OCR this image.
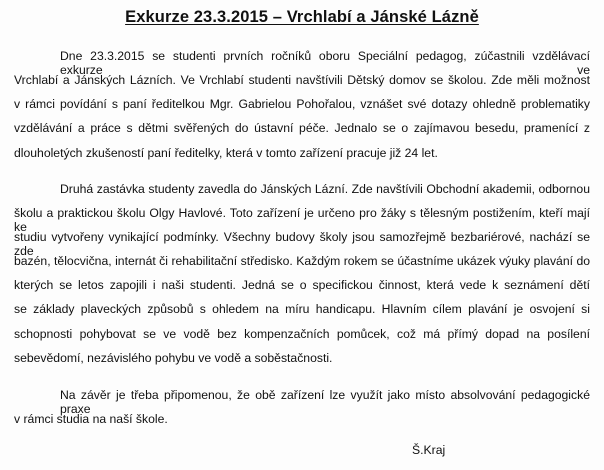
Exkurze 23.3.2015 – Vrchlabí a Jánské Lázně
Dne 23.3.2015 se studenti prvních ročníků oboru Speciální pedagog, zúčastnili vzdělávací exkurze ve
Vrchlabí a Jánských Lázních. Ve Vrchlabí studenti navštívili Dětský domov se školou. Zde měli možnost
v rámci povídání s paní ředitelkou Mgr. Gabrielou Pohořalou, vznášet své dotazy ohledně problematiky
vzdělávání a práce s dětmi svěřených do ústavní péče. Jednalo se o zajímavou besedu, pramenící z
dlouholetých zkušeností paní ředitelky, která v tomto zařízení pracuje již 24 let.
Druhá zastávka studenty zavedla do Jánských Lázní. Zde navštívili Obchodní akademii, odbornou
školu a praktickou školu Olgy Havlové. Toto zařízení je určeno pro žáky s tělesným postižením, kteří mají ke
studiu vytvořeny vynikající podmínky. Všechny budovy školy jsou samozřejmě bezbariérové, nachází se zde
bazén, tělocvična, internát či rehabilitační středisko. Každým rokem se účastníme ukázek výuky plavání do
kterých se letos zapojili i naši studenti. Jedná se o specifickou činnost, která vede k seznámení dětí
se základy plaveckých způsobů s ohledem na míru handicapu. Hlavním cílem plavání je osvojení si
schopnosti pohybovat se ve vodě bez kompenzačních pomůcek, což má přímý dopad na posílení
sebevědomí, nezávislého pohybu ve vodě a soběstačnosti.
Na závěr je třeba připomenou, že obě zařízení lze využít jako místo absolvování pedagogické praxe
v rámci studia na naší škole.
Š.Kraj
